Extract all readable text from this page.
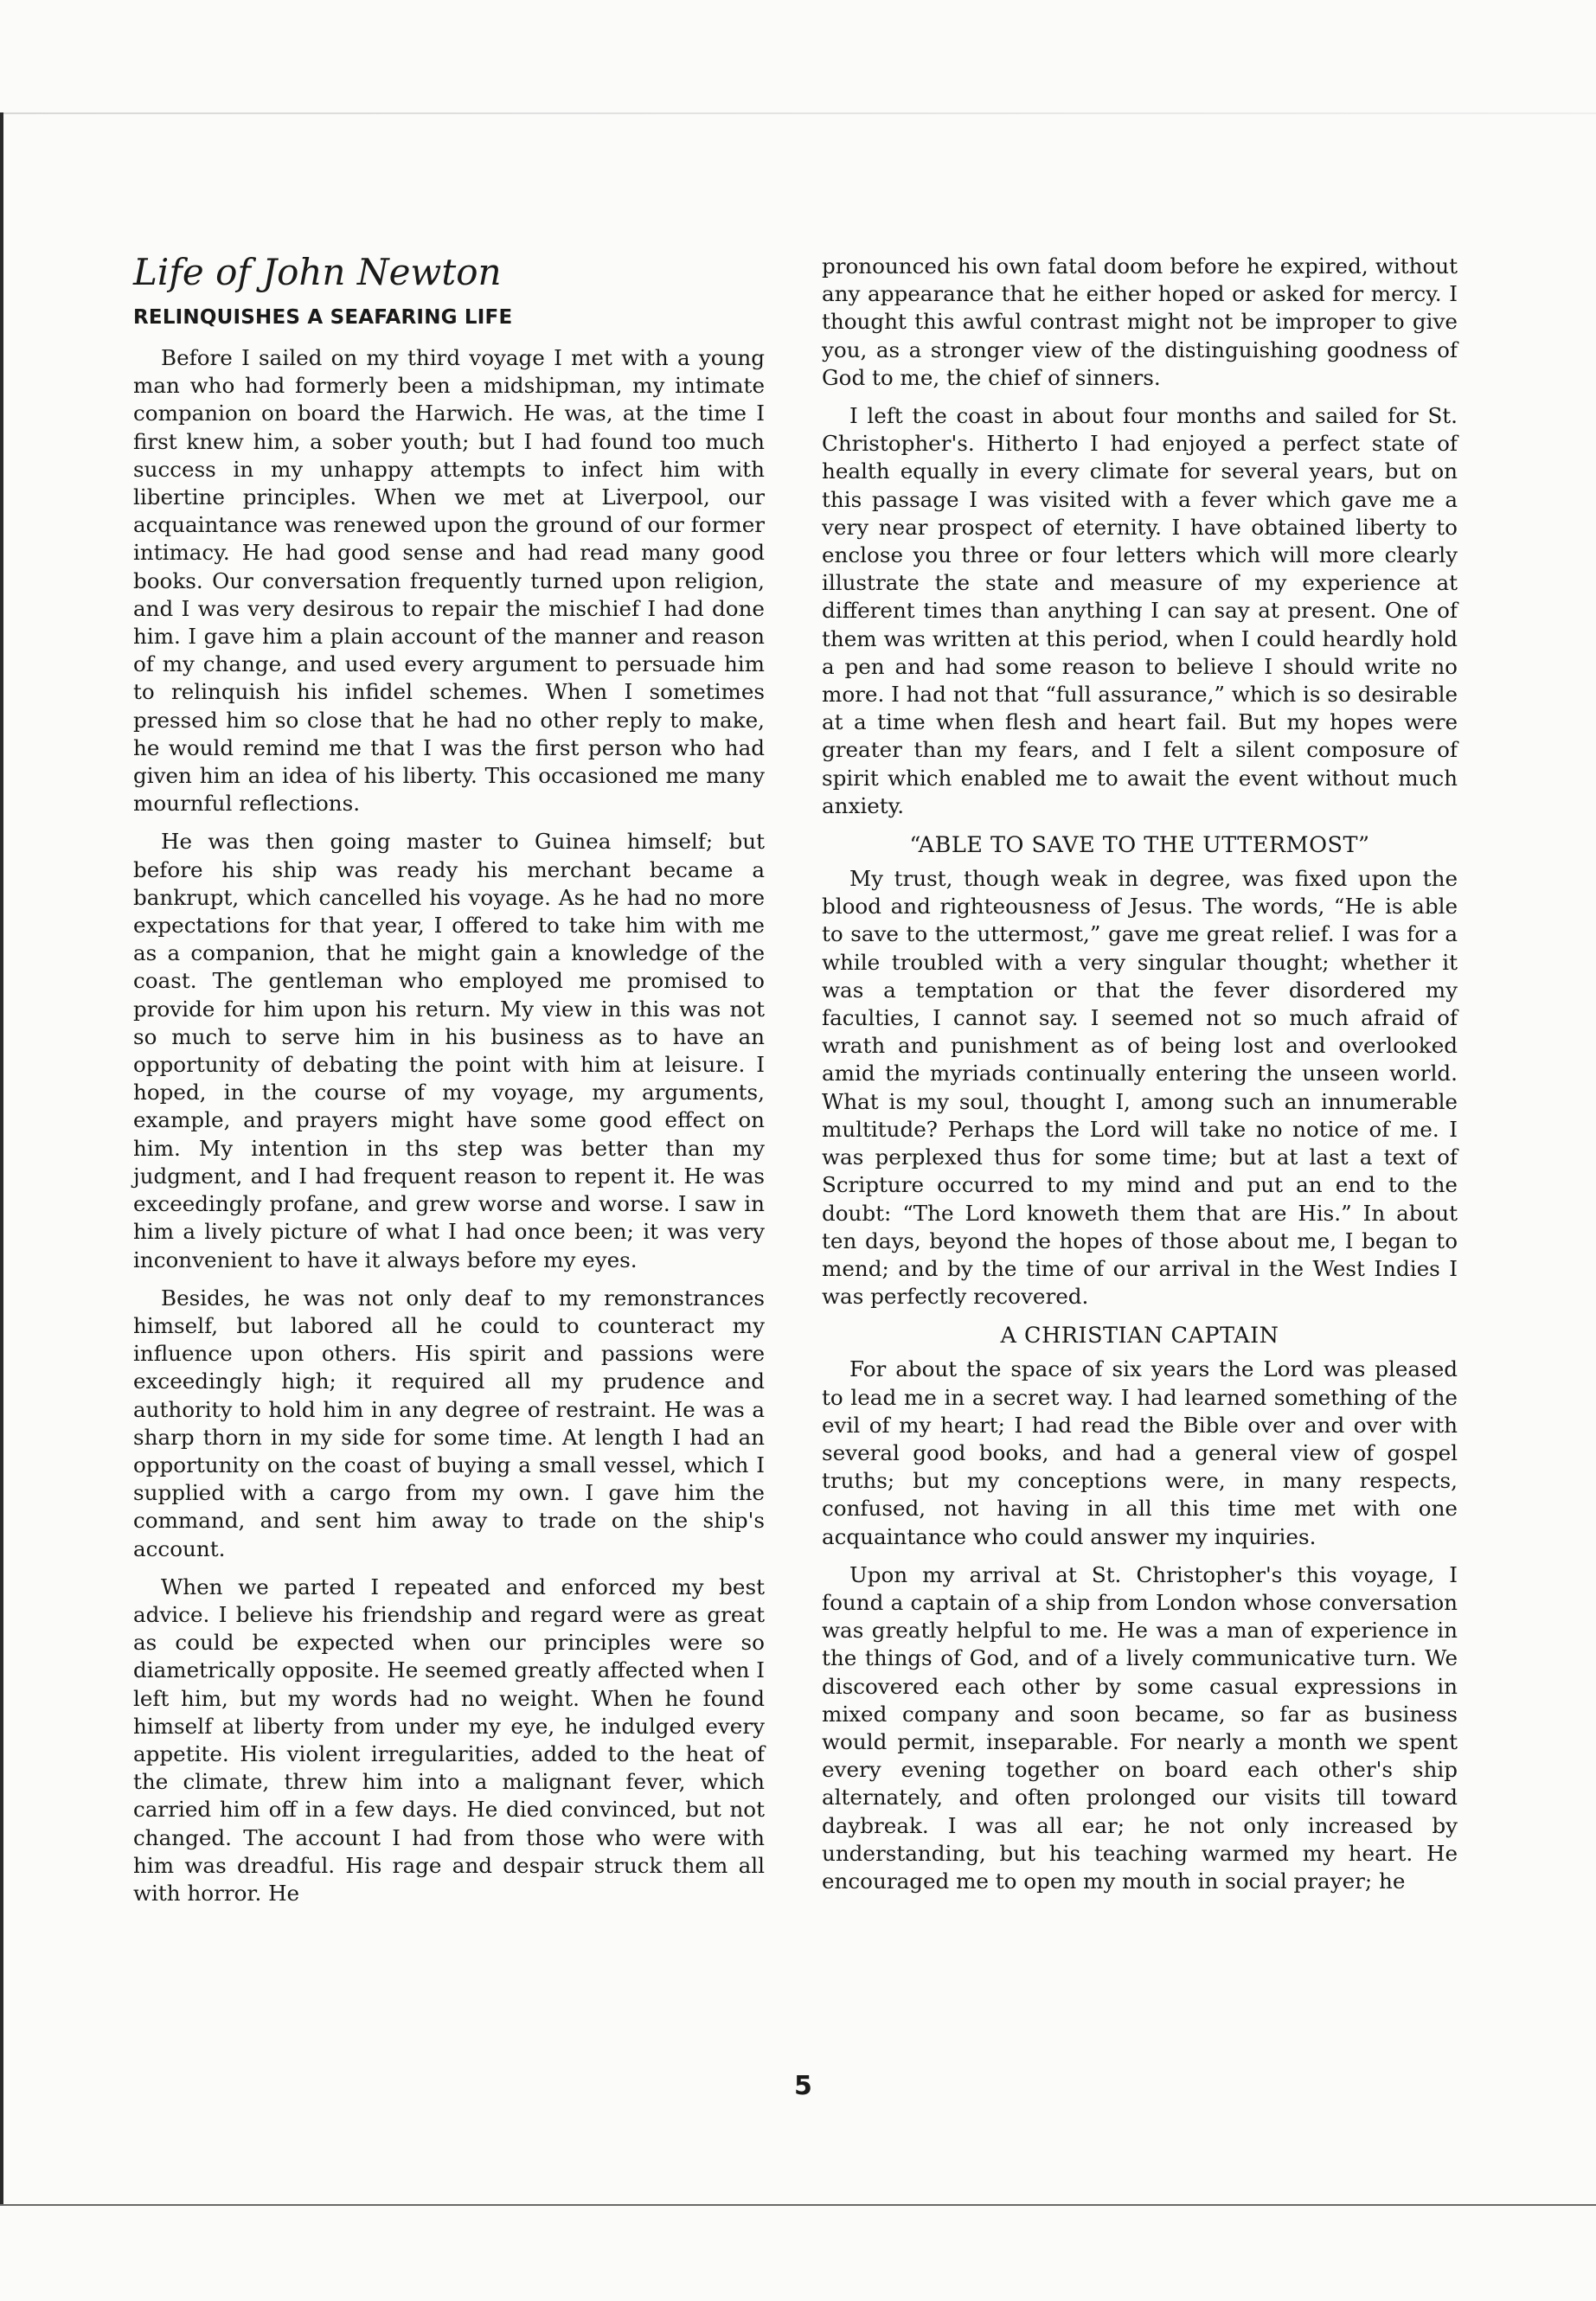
Life of John Newton
RELINQUISHES A SEAFARING LIFE

Before I sailed on my third voyage I met with a young man who had formerly been a midshipman, my intimate companion on board the Harwich. He was, at the time I first knew him, a sober youth; but I had found too much success in my unhappy attempts to infect him with libertine principles. When we met at Liverpool, our acquaintance was renewed upon the ground of our former intimacy. He had good sense and had read many good books. Our conversation frequently turned upon religion, and I was very desirous to repair the mischief I had done him. I gave him a plain account of the manner and reason of my change, and used every argument to persuade him to relinquish his infidel schemes. When I sometimes pressed him so close that he had no other reply to make, he would remind me that I was the first person who had given him an idea of his liberty. This occasioned me many mournful reflections.

He was then going master to Guinea himself; but before his ship was ready his merchant became a bankrupt, which cancelled his voyage. As he had no more expectations for that year, I offered to take him with me as a companion, that he might gain a knowledge of the coast. The gentleman who employed me promised to provide for him upon his return. My view in this was not so much to serve him in his business as to have an opportunity of debating the point with him at leisure. I hoped, in the course of my voyage, my arguments, example, and prayers might have some good effect on him. My intention in ths step was better than my judgment, and I had frequent reason to repent it. He was exceedingly profane, and grew worse and worse. I saw in him a lively picture of what I had once been; it was very inconvenient to have it always before my eyes.

Besides, he was not only deaf to my remonstrances himself, but labored all he could to counteract my influence upon others. His spirit and passions were exceedingly high; it required all my prudence and authority to hold him in any degree of restraint. He was a sharp thorn in my side for some time. At length I had an opportunity on the coast of buying a small vessel, which I supplied with a cargo from my own. I gave him the command, and sent him away to trade on the ship's account.

When we parted I repeated and enforced my best advice. I believe his friendship and regard were as great as could be expected when our principles were so diametrically opposite. He seemed greatly affected when I left him, but my words had no weight. When he found himself at liberty from under my eye, he indulged every appetite. His violent irregularities, added to the heat of the climate, threw him into a malignant fever, which carried him off in a few days. He died convinced, but not changed. The account I had from those who were with him was dreadful. His rage and despair struck them all with horror. He

pronounced his own fatal doom before he expired, without any appearance that he either hoped or asked for mercy. I thought this awful contrast might not be improper to give you, as a stronger view of the distinguishing goodness of God to me, the chief of sinners.

I left the coast in about four months and sailed for St. Christopher's. Hitherto I had enjoyed a perfect state of health equally in every climate for several years, but on this passage I was visited with a fever which gave me a very near prospect of eternity. I have obtained liberty to enclose you three or four letters which will more clearly illustrate the state and measure of my experience at different times than anything I can say at present. One of them was written at this period, when I could heardly hold a pen and had some reason to believe I should write no more. I had not that “full assurance,” which is so desirable at a time when flesh and heart fail. But my hopes were greater than my fears, and I felt a silent composure of spirit which enabled me to await the event without much anxiety.

“ABLE TO SAVE TO THE UTTERMOST”

My trust, though weak in degree, was fixed upon the blood and righteousness of Jesus. The words, “He is able to save to the uttermost,” gave me great relief. I was for a while troubled with a very singular thought; whether it was a temptation or that the fever disordered my faculties, I cannot say. I seemed not so much afraid of wrath and punishment as of being lost and overlooked amid the myriads continually entering the unseen world. What is my soul, thought I, among such an innumerable multitude? Perhaps the Lord will take no notice of me. I was perplexed thus for some time; but at last a text of Scripture occurred to my mind and put an end to the doubt: “The Lord knoweth them that are His.” In about ten days, beyond the hopes of those about me, I began to mend; and by the time of our arrival in the West Indies I was perfectly recovered.

A CHRISTIAN CAPTAIN

For about the space of six years the Lord was pleased to lead me in a secret way. I had learned something of the evil of my heart; I had read the Bible over and over with several good books, and had a general view of gospel truths; but my conceptions were, in many respects, confused, not having in all this time met with one acquaintance who could answer my inquiries.

Upon my arrival at St. Christopher's this voyage, I found a captain of a ship from London whose conversation was greatly helpful to me. He was a man of experience in the things of God, and of a lively communicative turn. We discovered each other by some casual expressions in mixed company and soon became, so far as business would permit, inseparable. For nearly a month we spent every evening together on board each other's ship alternately, and often prolonged our visits till toward daybreak. I was all ear; he not only increased by understanding, but his teaching warmed my heart. He encouraged me to open my mouth in social prayer; he

5
